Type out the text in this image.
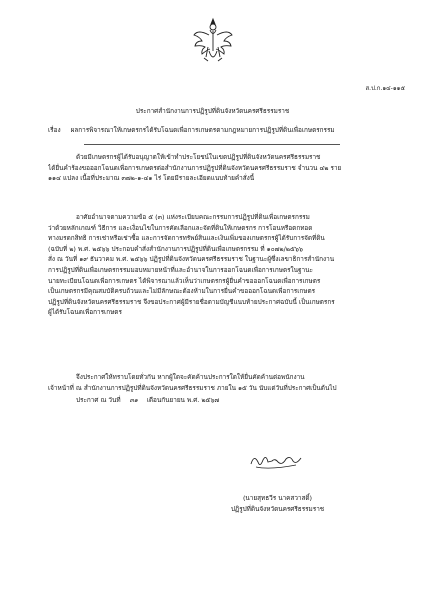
ส.ป.ก.๑๔-๑๑๕
ประกาศสำนักงานการปฏิรูปที่ดินจังหวัดนครศรีธรรมราช
เรื่อง ผลการพิจารณาให้เกษตรกรได้รับโฉนดเพื่อการเกษตรตามกฎหมายการปฏิรูปที่ดินเพื่อเกษตรกรรม
ด้วยมีเกษตรกรผู้ได้รับอนุญาตให้เข้าทำประโยชน์ในเขตปฏิรูปที่ดินจังหวัดนครศรีธรรมราช
ได้ยื่นคำร้องขอออกโฉนดเพื่อการเกษตรต่อสำนักงานการปฏิรูปที่ดินจังหวัดนครศรีธรรมราช จำนวน ๔๒ ราย
๑๑๔ แปลง เนื้อที่ประมาณ ๓๗๒-๑-๔๑ ไร่ โดยมีรายละเอียดแนบท้ายคำสั่งนี้
อาศัยอำนาจตามความข้อ ๕ (๓) แห่งระเบียบคณะกรรมการปฏิรูปที่ดินเพื่อเกษตรกรรม
ว่าด้วยหลักเกณฑ์ วิธีการ และเงื่อนไขในการคัดเลือกและจัดที่ดินให้เกษตรกร การโอนหรือตกทอด
ทางมรดกสิทธิ การเช่าหรือเช่าซื้อ และการจัดการทรัพย์สินและเงินเพิ่มของเกษตรกรผู้ได้รับการจัดที่ดิน
(ฉบับที่ ๒) พ.ศ. ๒๕๖๖ ประกอบคำสั่งสำนักงานการปฏิรูปที่ดินเพื่อเกษตรกรรม ที่ ๑๐๗๒/๒๕๖๖
สั่ง ณ วันที่ ๑๙ ธันวาคม พ.ศ. ๒๕๖๖ ปฏิรูปที่ดินจังหวัดนครศรีธรรมราช ในฐานะผู้ซึ่งเลขาธิการสำนักงาน
การปฏิรูปที่ดินเพื่อเกษตรกรรมมอบหมายหน้าที่และอำนาจในการออกโฉนดเพื่อการเกษตรในฐานะ
นายทะเบียนโฉนดเพื่อการเกษตร ได้พิจารณาแล้วเห็นว่าเกษตรกรผู้ยื่นคำขอออกโฉนดเพื่อการเกษตร
เป็นเกษตรกรมีคุณสมบัติครบถ้วนและไม่มีลักษณะต้องห้ามในการยื่นคำขอออกโฉนดเพื่อการเกษตร
ปฏิรูปที่ดินจังหวัดนครศรีธรรมราช จึงขอประกาศผู้มีรายชื่อตามบัญชีแนบท้ายประกาศฉบับนี้ เป็นเกษตรกร
ผู้ได้รับโฉนดเพื่อการเกษตร
จึงประกาศให้ทราบโดยทั่วกัน หากผู้ใดจะคัดค้านประการใดให้ยื่นคัดค้านต่อพนักงาน
เจ้าหน้าที่ ณ สำนักงานการปฏิรูปที่ดินจังหวัดนครศรีธรรมราช ภายใน ๑๕ วัน นับแต่วันที่ประกาศเป็นต้นไป
ประกาศ ณ วันที่ ๓๑ เดือนกันยายน พ.ศ. ๒๕๖๗
(นายสุทธวีร นาคสวาสดิ์)
ปฏิรูปที่ดินจังหวัดนครศรีธรรมราช
